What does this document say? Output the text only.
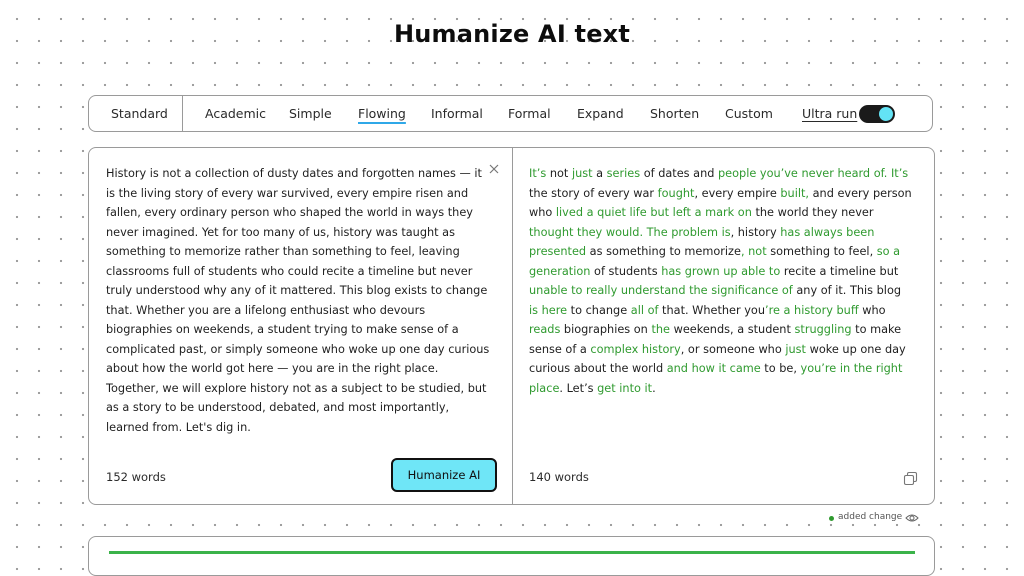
Humanize AI text
Standard	Academic Simple Flowing Informal Formal Expand Shorten Custom Ultra run
History is not a collection of dusty dates and forgotten names — it is the living story of every war survived, every empire risen and fallen, every ordinary person who shaped the world in ways they never imagined. Yet for too many of us, history was taught as something to memorize rather than something to feel, leaving classrooms full of students who could recite a timeline but never truly understood why any of it mattered. This blog exists to change that. Whether you are a lifelong enthusiast who devours biographies on weekends, a student trying to make sense of a complicated past, or simply someone who woke up one day curious about how the world got here — you are in the right place. Together, we will explore history not as a subject to be studied, but as a story to be understood, debated, and most importantly, learned from. Let's dig in.
It’s not just a series of dates and people you’ve never heard of. It’s the story of every war fought, every empire built, and every person who lived a quiet life but left a mark on the world they never thought they would. The problem is, history has always been presented as something to memorize, not something to feel, so a generation of students has grown up able to recite a timeline but unable to really understand the significance of any of it. This blog is here to change all of that. Whether you’re a history buff who reads biographies on the weekends, a student struggling to make sense of a complex history, or someone who just woke up one day curious about the world and how it came to be, you’re in the right place. Let’s get into it.
152 words	Humanize AI	140 words
added change
